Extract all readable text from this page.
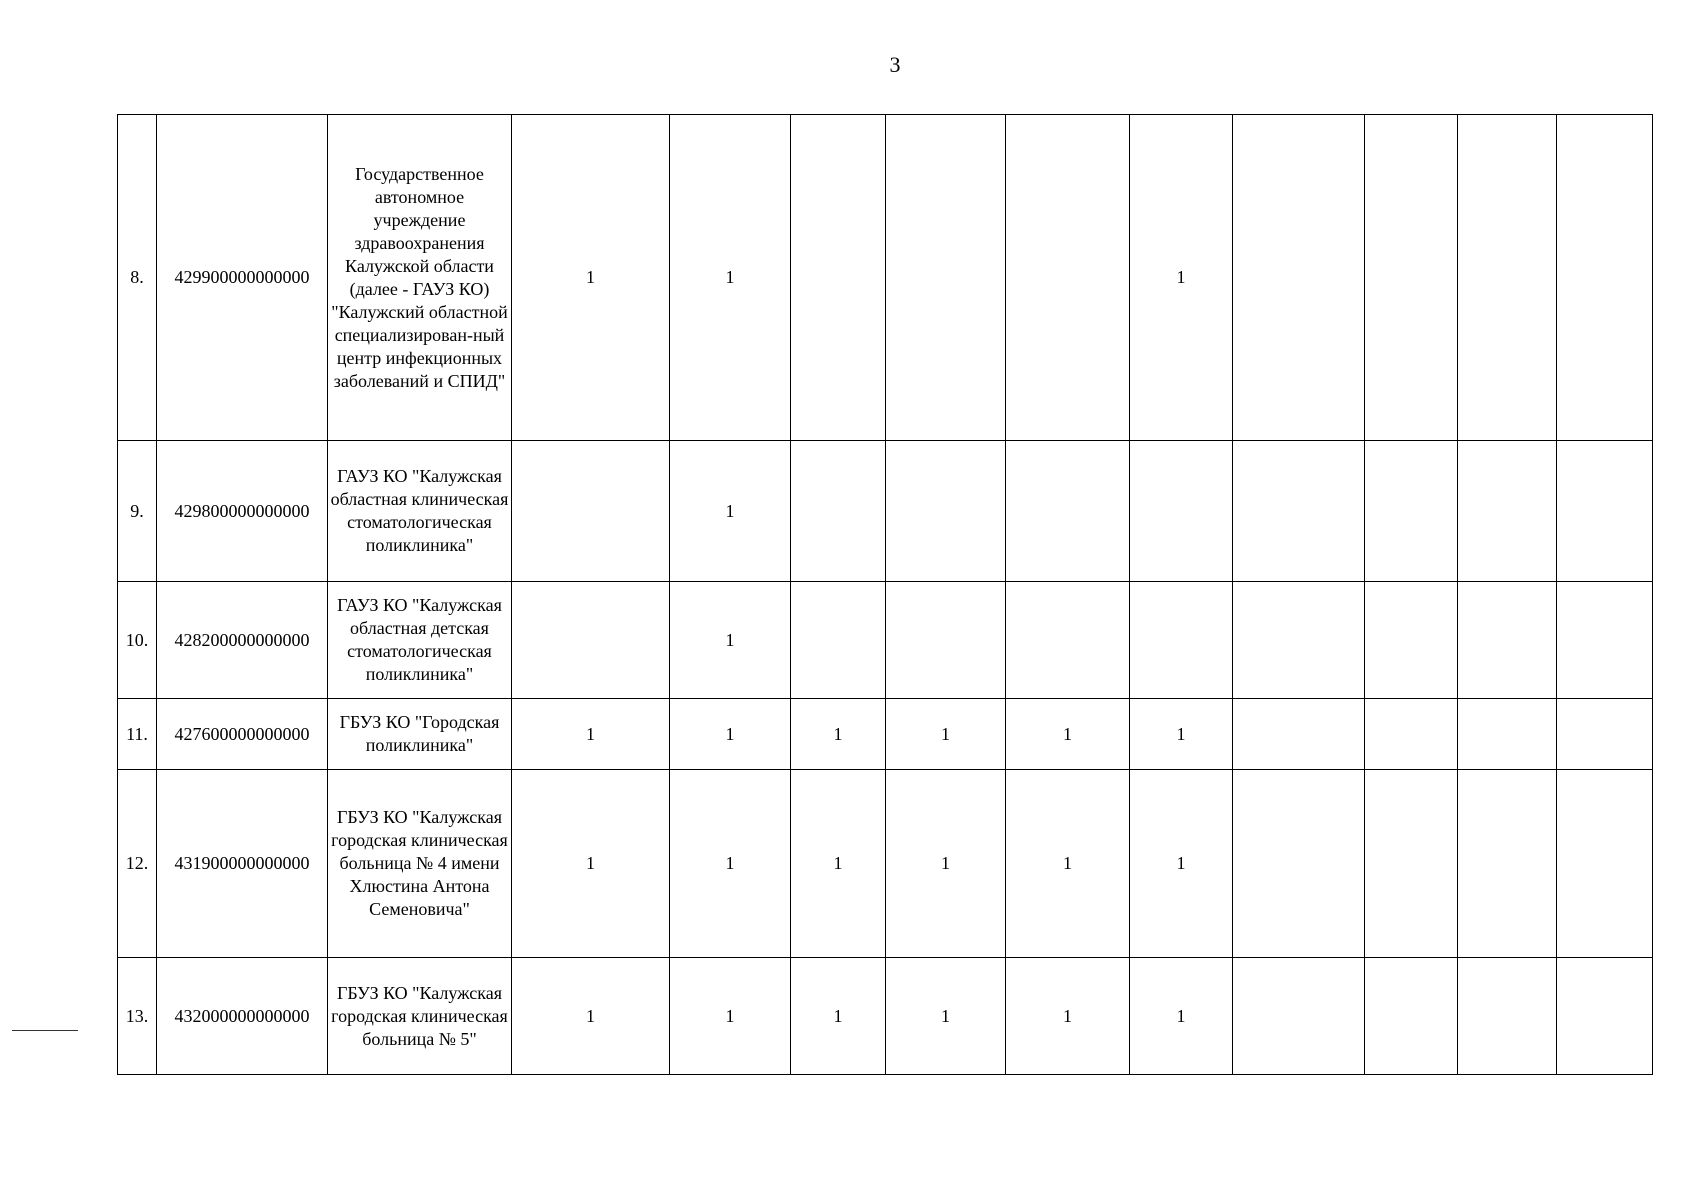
3
8.	429900000000000	Государственное автономное учреждение здравоохранения Калужской области (далее - ГАУЗ КО) "Калужский областной специализирован-ный центр инфекционных заболеваний и СПИД"	1	1				1				
9.	429800000000000	ГАУЗ КО "Калужская областная клиническая стоматологическая поликлиника"		1								
10.	428200000000000	ГАУЗ КО "Калужская областная детская стоматологическая поликлиника"		1								
11.	427600000000000	ГБУЗ КО "Городская поликлиника"	1	1	1	1	1	1				
12.	431900000000000	ГБУЗ КО "Калужская городская клиническая больница № 4 имени Хлюстина Антона Семеновича"	1	1	1	1	1	1				
13.	432000000000000	ГБУЗ КО "Калужская городская клиническая больница № 5"	1	1	1	1	1	1				
